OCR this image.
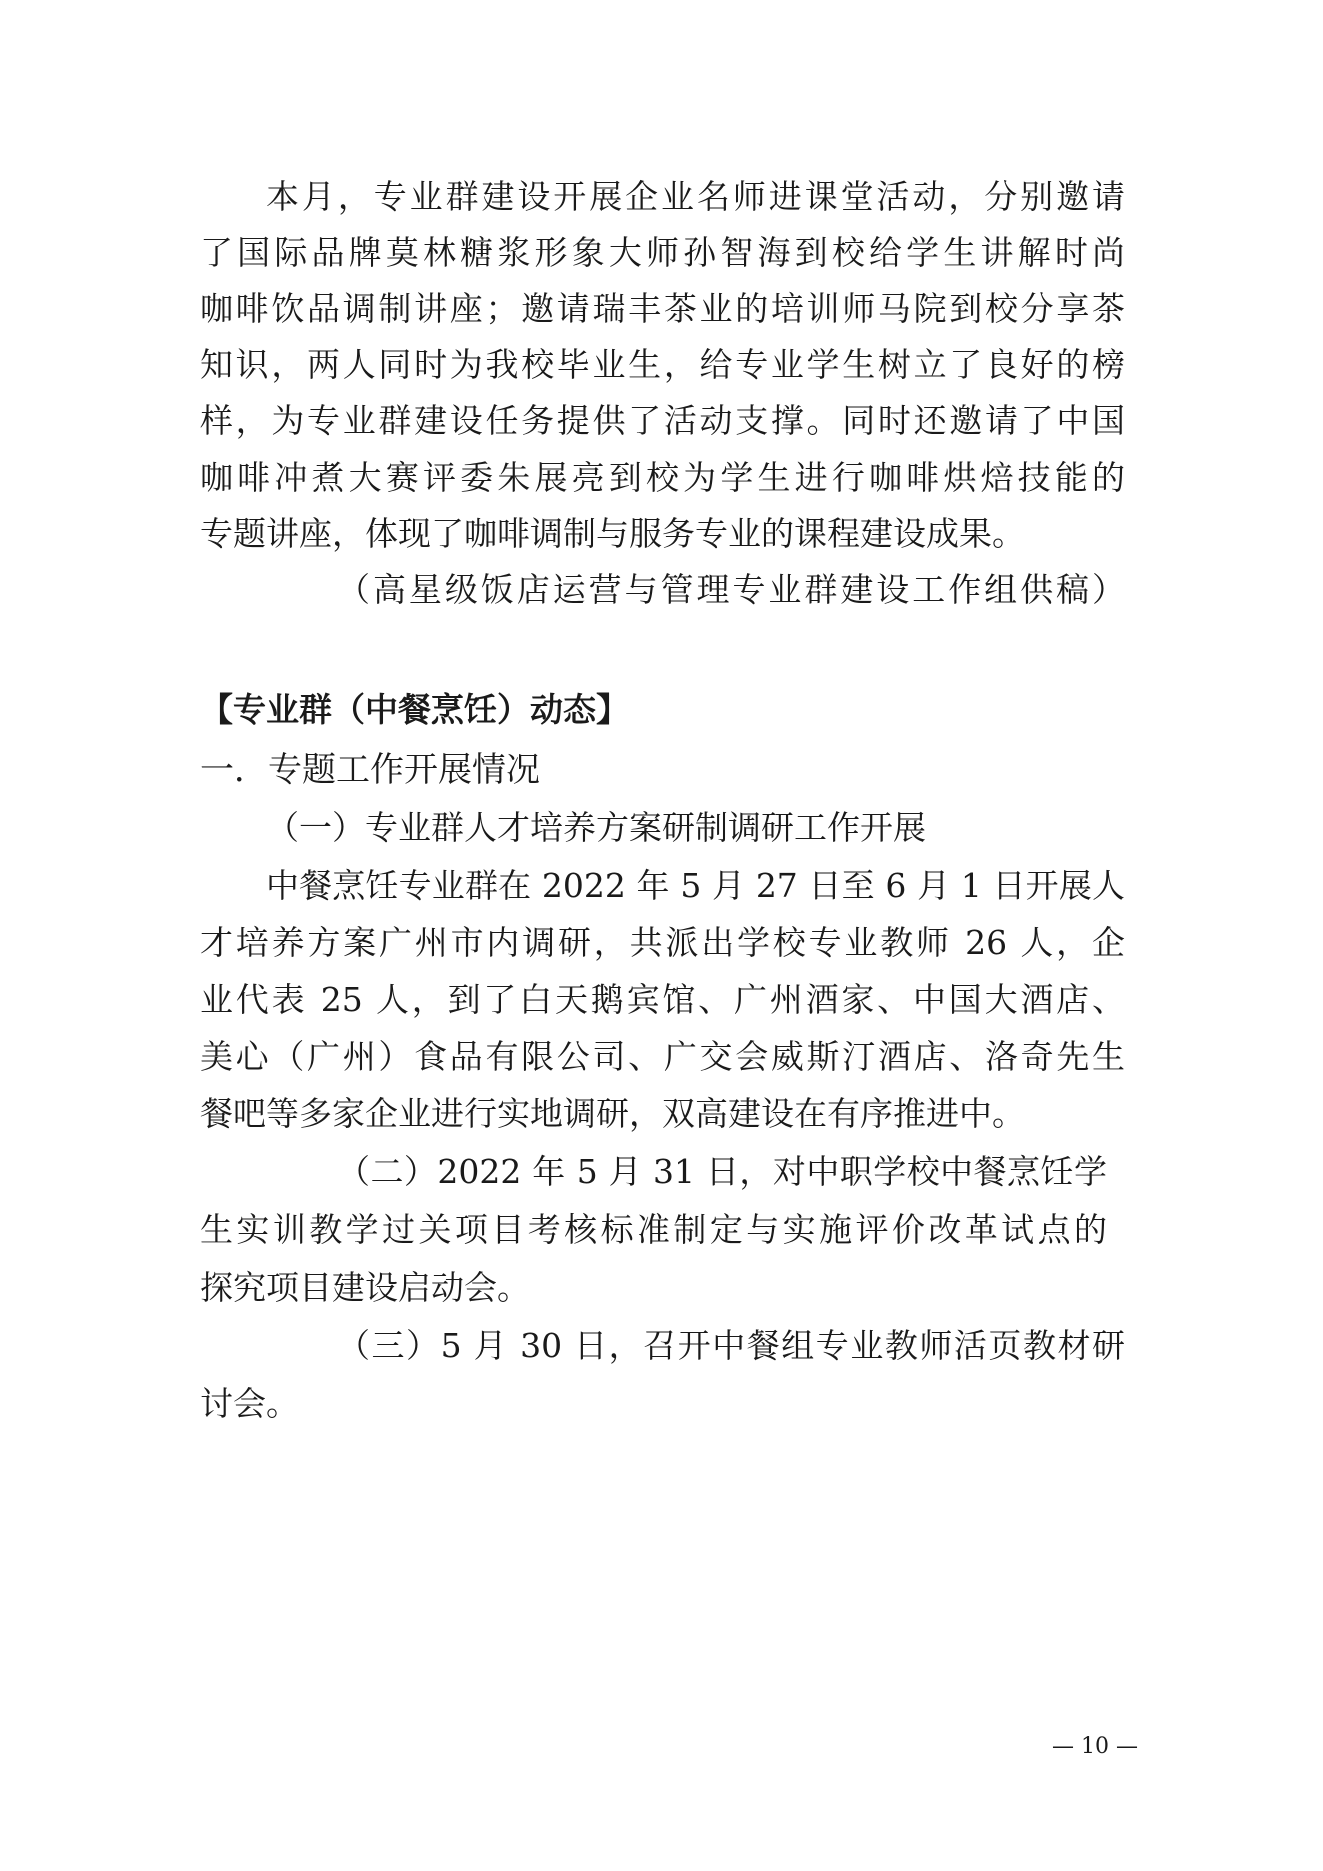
本月，专业群建设开展企业名师进课堂活动，分别邀请
了国际品牌莫林糖浆形象大师孙智海到校给学生讲解时尚
咖啡饮品调制讲座；邀请瑞丰茶业的培训师马院到校分享茶
知识，两人同时为我校毕业生，给专业学生树立了良好的榜
样，为专业群建设任务提供了活动支撑。同时还邀请了中国
咖啡冲煮大赛评委朱展亮到校为学生进行咖啡烘焙技能的
专题讲座，体现了咖啡调制与服务专业的课程建设成果。
（高星级饭店运营与管理专业群建设工作组供稿）
【专业群（中餐烹饪）动态】
一．专题工作开展情况
（一）专业群人才培养方案研制调研工作开展
中餐烹饪专业群在 2022 年 5 月 27 日至 6 月 1 日开展人
才培养方案广州市内调研，共派出学校专业教师 26 人，企
业代表 25 人，到了白天鹅宾馆、广州酒家、中国大酒店、
美心（广州）食品有限公司、广交会威斯汀酒店、洛奇先生
餐吧等多家企业进行实地调研，双高建设在有序推进中。
（二）2022 年 5 月 31 日，对中职学校中餐烹饪学
生实训教学过关项目考核标准制定与实施评价改革试点的
探究项目建设启动会。
（三）5 月 30 日，召开中餐组专业教师活页教材研
讨会。
— 10 —
